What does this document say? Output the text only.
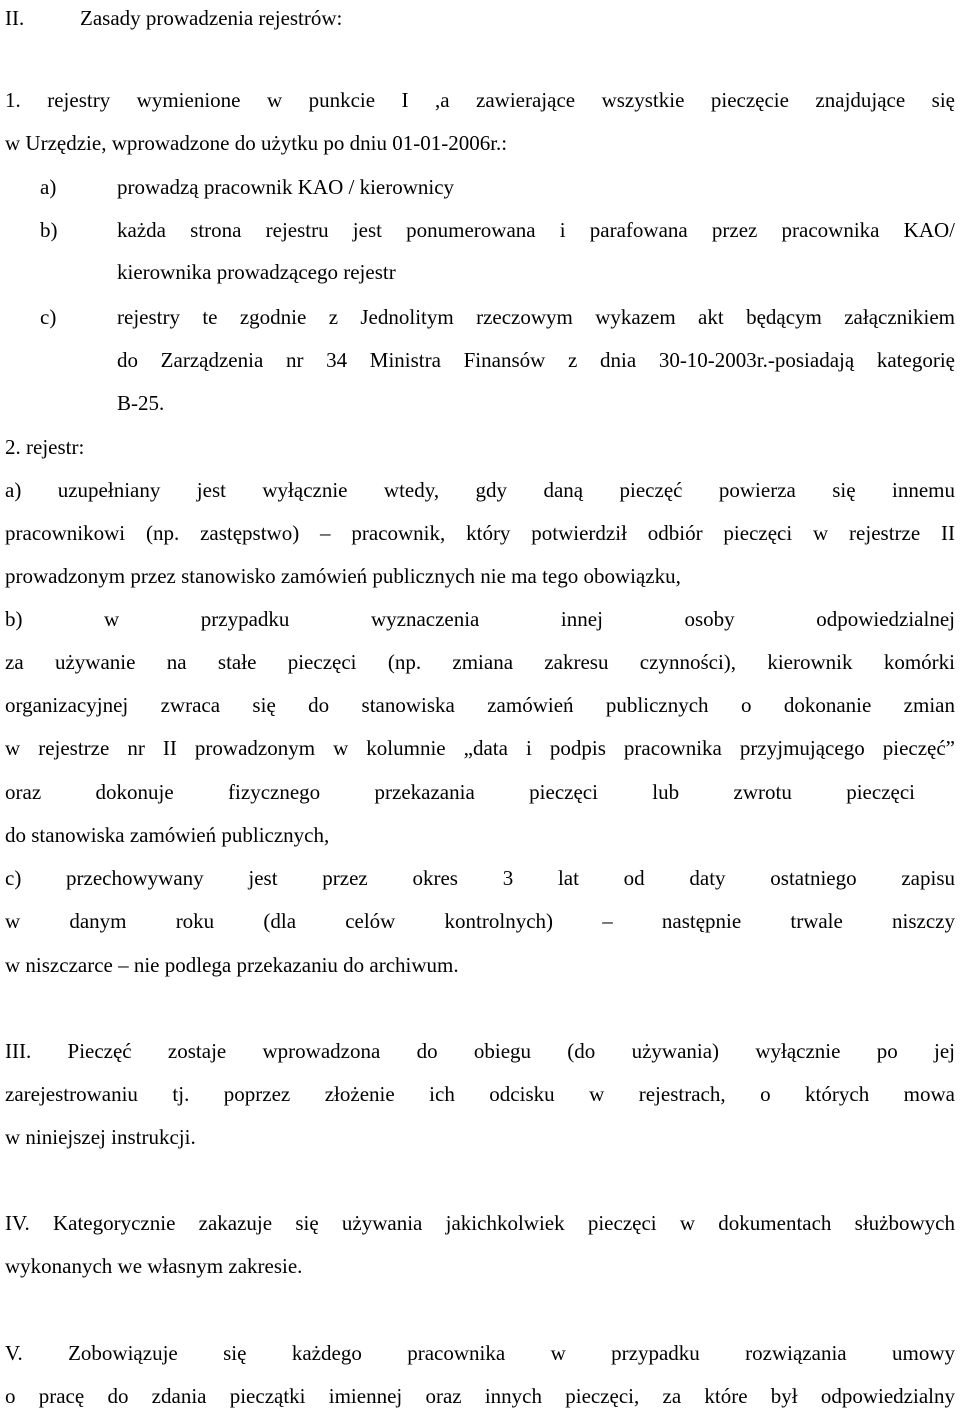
II.	Zasady prowadzenia rejestrów:
1. rejestry wymienione w punkcie I ,a zawierające wszystkie pieczęcie znajdujące się
w Urzędzie, wprowadzone do użytku po dniu 01-01-2006r.:
a)	prowadzą pracownik KAO / kierownicy
b)	każda strona rejestru jest ponumerowana i parafowana przez pracownika KAO/
kierownika prowadzącego rejestr
c)	rejestry te zgodnie z Jednolitym rzeczowym wykazem akt będącym załącznikiem
do Zarządzenia nr 34 Ministra Finansów z dnia 30-10-2003r.-posiadają kategorię
B-25.
2. rejestr:
a) uzupełniany jest wyłącznie wtedy, gdy daną pieczęć powierza się innemu
pracownikowi (np. zastępstwo) – pracownik, który potwierdził odbiór pieczęci w rejestrze II
prowadzonym przez stanowisko zamówień publicznych nie ma tego obowiązku,
b) w przypadku wyznaczenia innej osoby odpowiedzialnej
za używanie na stałe pieczęci (np. zmiana zakresu czynności), kierownik komórki
organizacyjnej zwraca się do stanowiska zamówień publicznych o dokonanie zmian
w rejestrze nr II prowadzonym w kolumnie „data i podpis pracownika przyjmującego pieczęć”
oraz dokonuje fizycznego przekazania pieczęci lub zwrotu pieczęci
do stanowiska zamówień publicznych,
c) przechowywany jest przez okres 3 lat od daty ostatniego zapisu
w danym roku (dla celów kontrolnych) – następnie trwale niszczy
w niszczarce – nie podlega przekazaniu do archiwum.
III. Pieczęć zostaje wprowadzona do obiegu (do używania) wyłącznie po jej
zarejestrowaniu tj. poprzez złożenie ich odcisku w rejestrach, o których mowa
w niniejszej instrukcji.
IV. Kategorycznie zakazuje się używania jakichkolwiek pieczęci w dokumentach służbowych
wykonanych we własnym zakresie.
V. Zobowiązuje się każdego pracownika w przypadku rozwiązania umowy
o pracę do zdania pieczątki imiennej oraz innych pieczęci, za które był odpowiedzialny
